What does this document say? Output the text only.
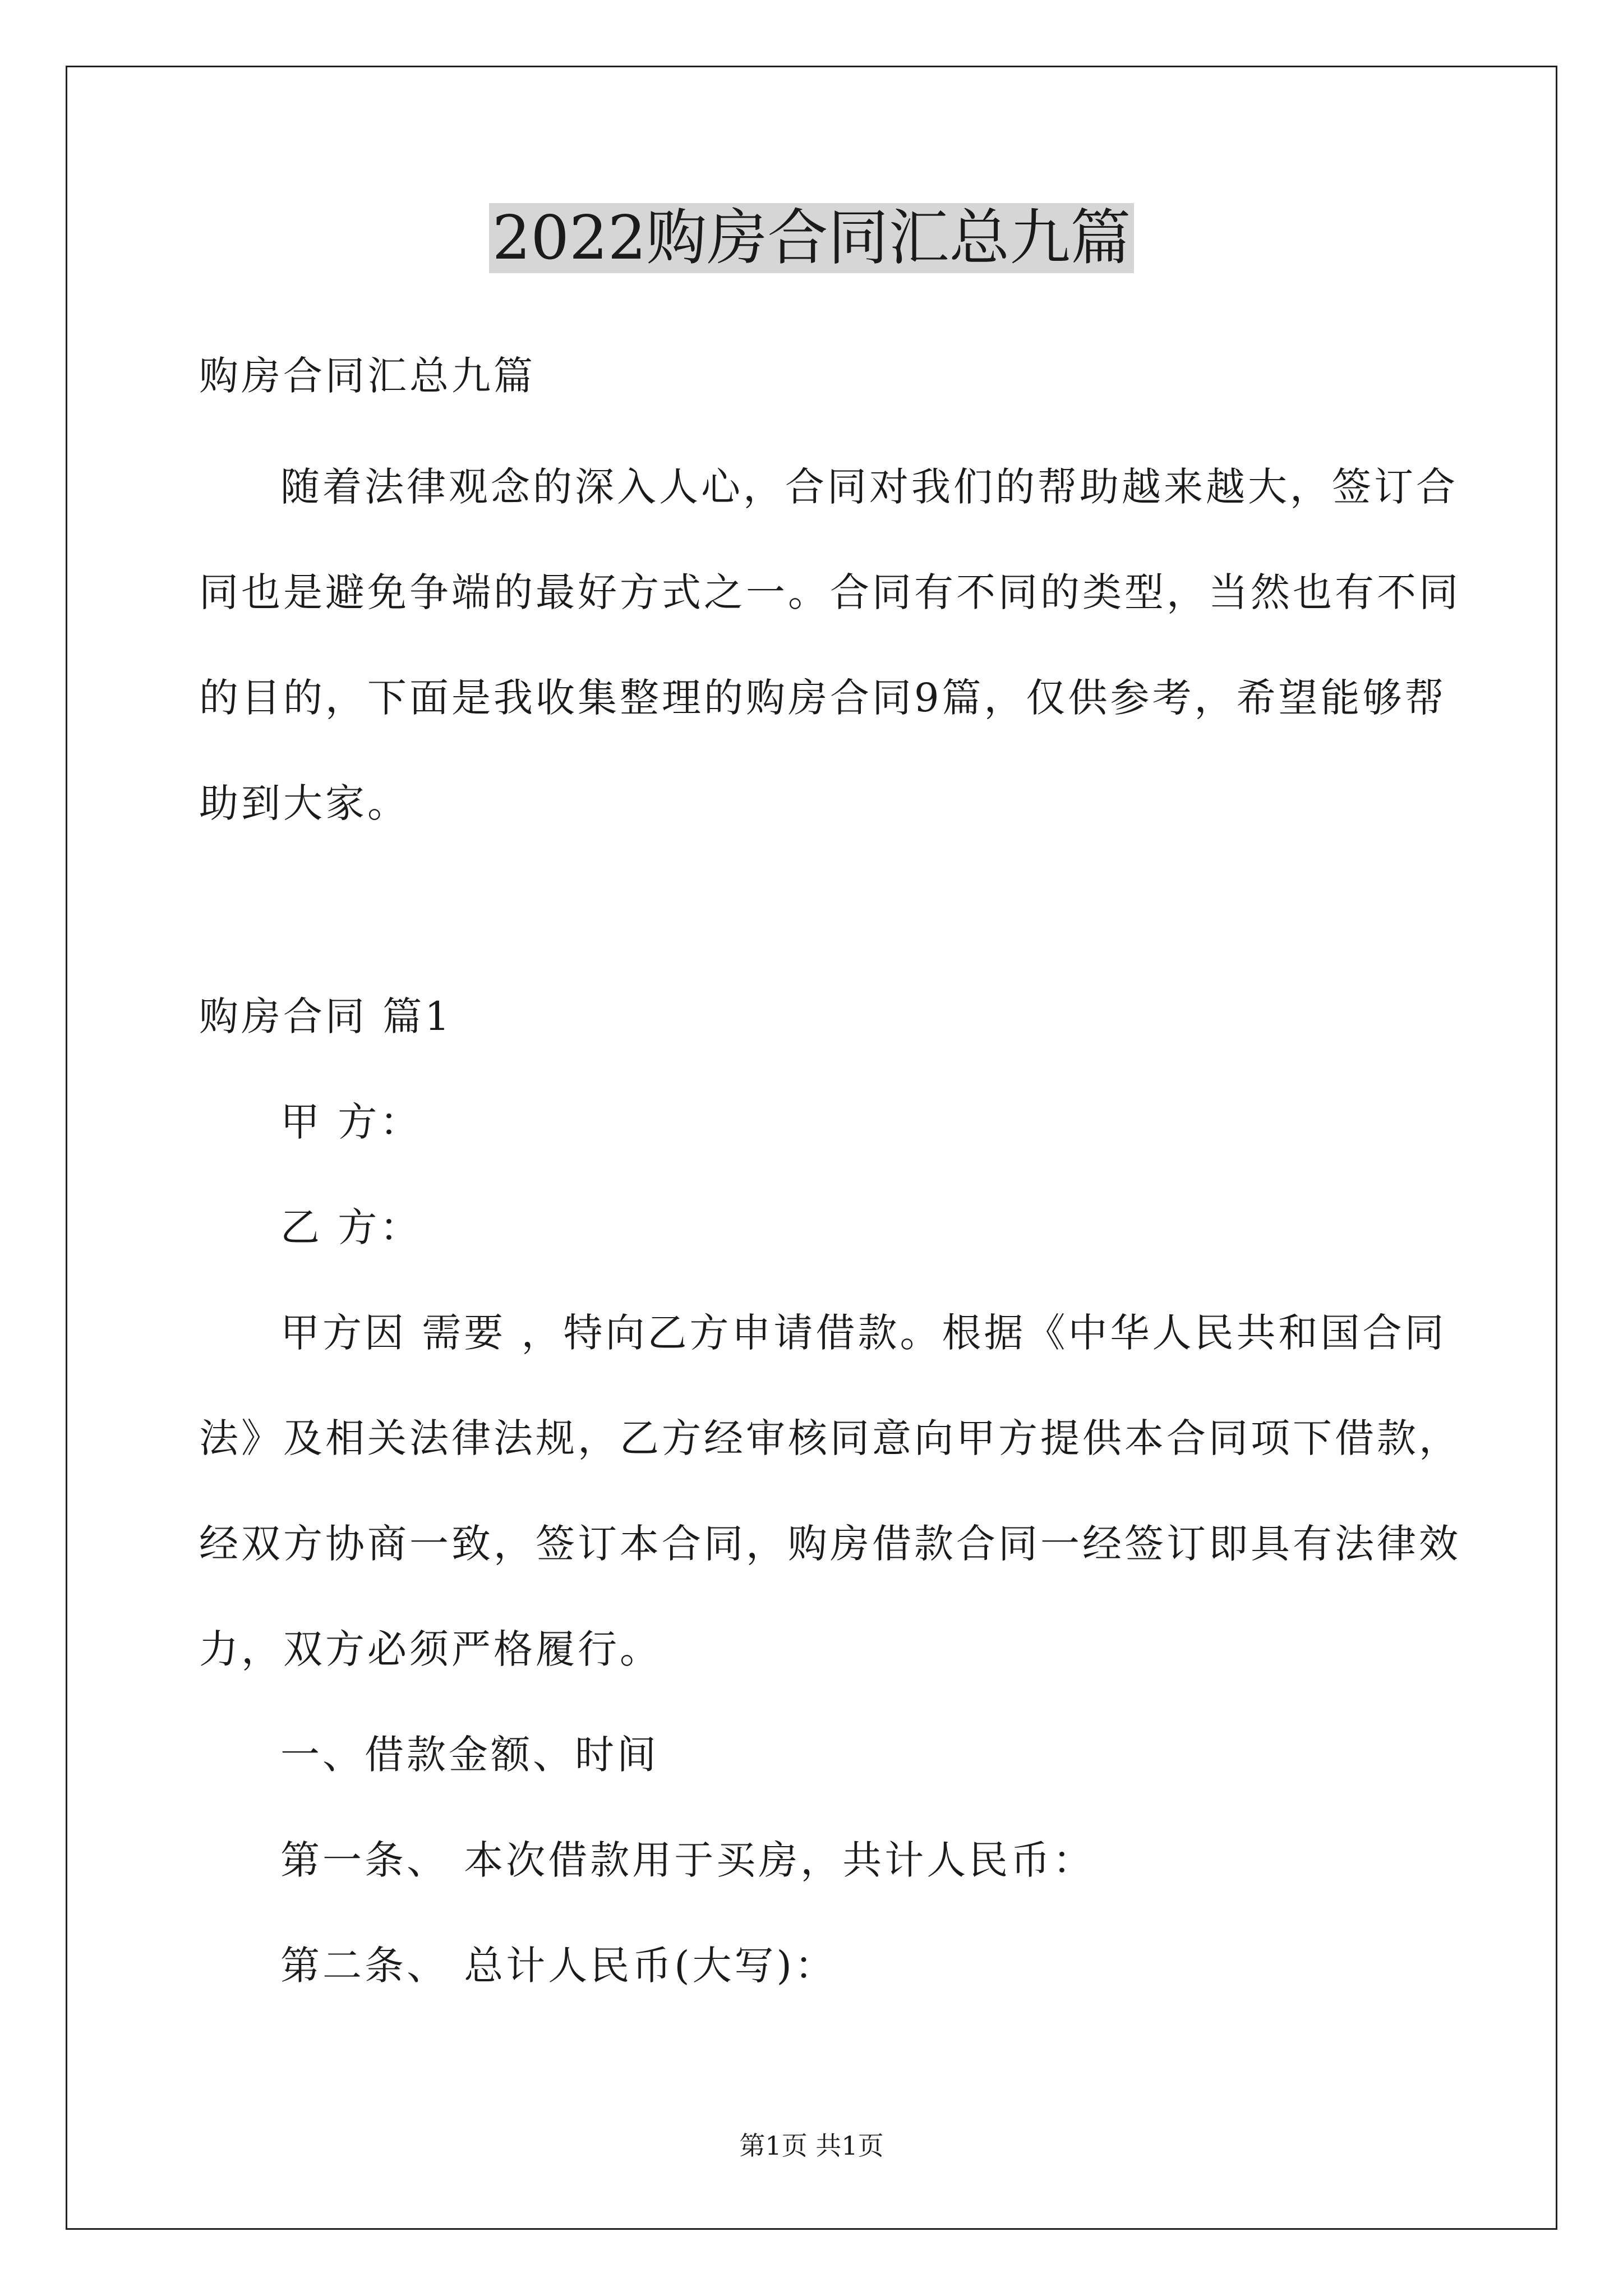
2022购房合同汇总九篇
购房合同汇总九篇
随着法律观念的深入人心，合同对我们的帮助越来越大，签订合
同也是避免争端的最好方式之一。合同有不同的类型，当然也有不同
的目的，下面是我收集整理的购房合同9篇，仅供参考，希望能够帮
助到大家。
购房合同 篇1
甲 方：
乙 方：
甲方因 需要 ，特向乙方申请借款。根据《中华人民共和国合同
法》及相关法律法规，乙方经审核同意向甲方提供本合同项下借款，
经双方协商一致，签订本合同，购房借款合同一经签订即具有法律效
力，双方必须严格履行。
一、借款金额、时间
第一条、 本次借款用于买房，共计人民币：
第二条、 总计人民币(大写)：
第1页 共1页
